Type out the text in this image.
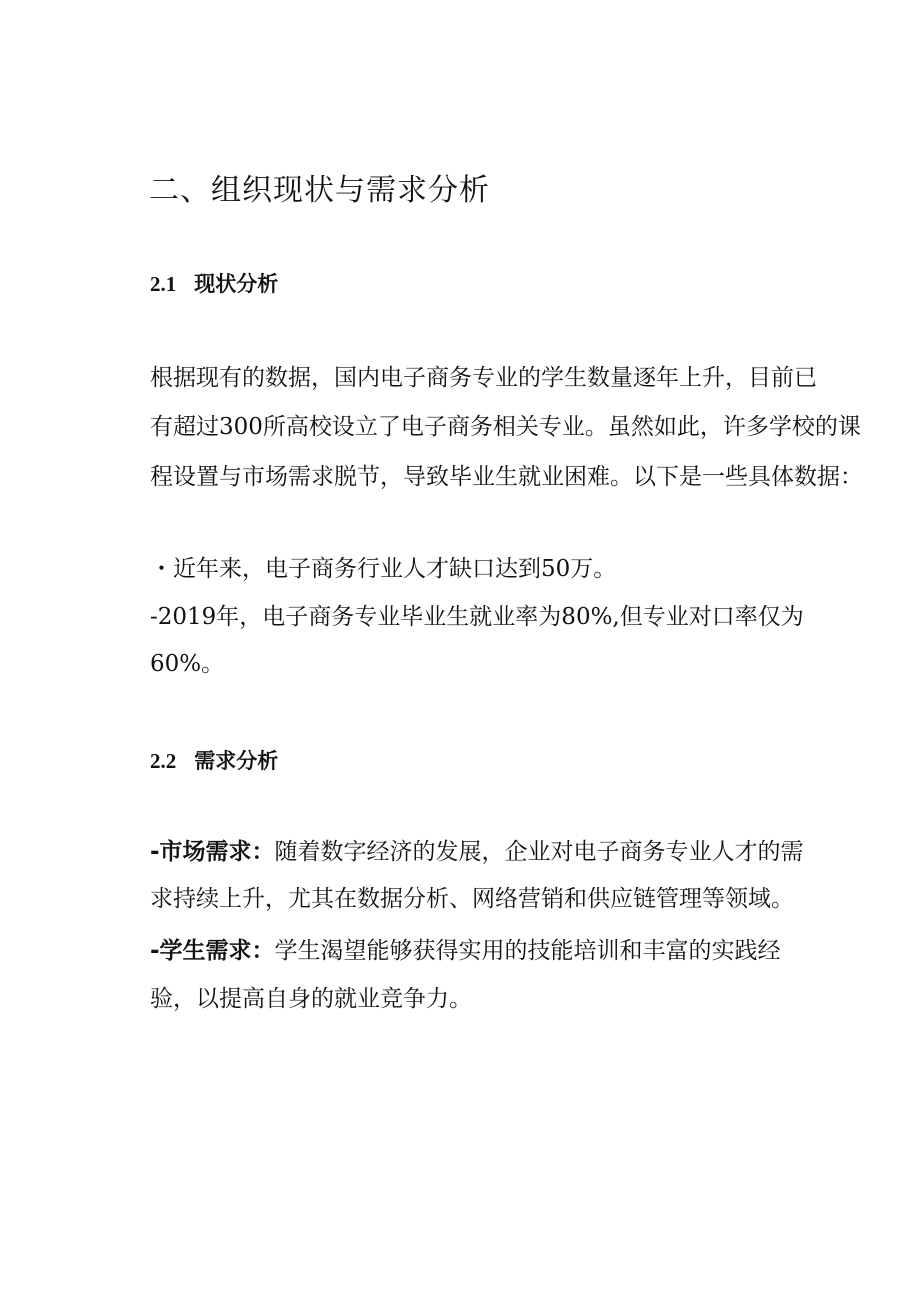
二、组织现状与需求分析
2.1 现状分析

根据现有的数据，国内电子商务专业的学生数量逐年上升，目前已

有超过300所高校设立了电子商务相关专业。虽然如此，许多学校的课

程设置与市场需求脱节，导致毕业生就业困难。以下是一些具体数据：

・近年来，电子商务行业人才缺口达到50万。

-2019年，电子商务专业毕业生就业率为80%,但专业对口率仅为

60%。

2.2 需求分析

-市场需求：随着数字经济的发展，企业对电子商务专业人才的需

求持续上升，尤其在数据分析、网络营销和供应链管理等领域。

-学生需求：学生渴望能够获得实用的技能培训和丰富的实践经

验，以提高自身的就业竞争力。
